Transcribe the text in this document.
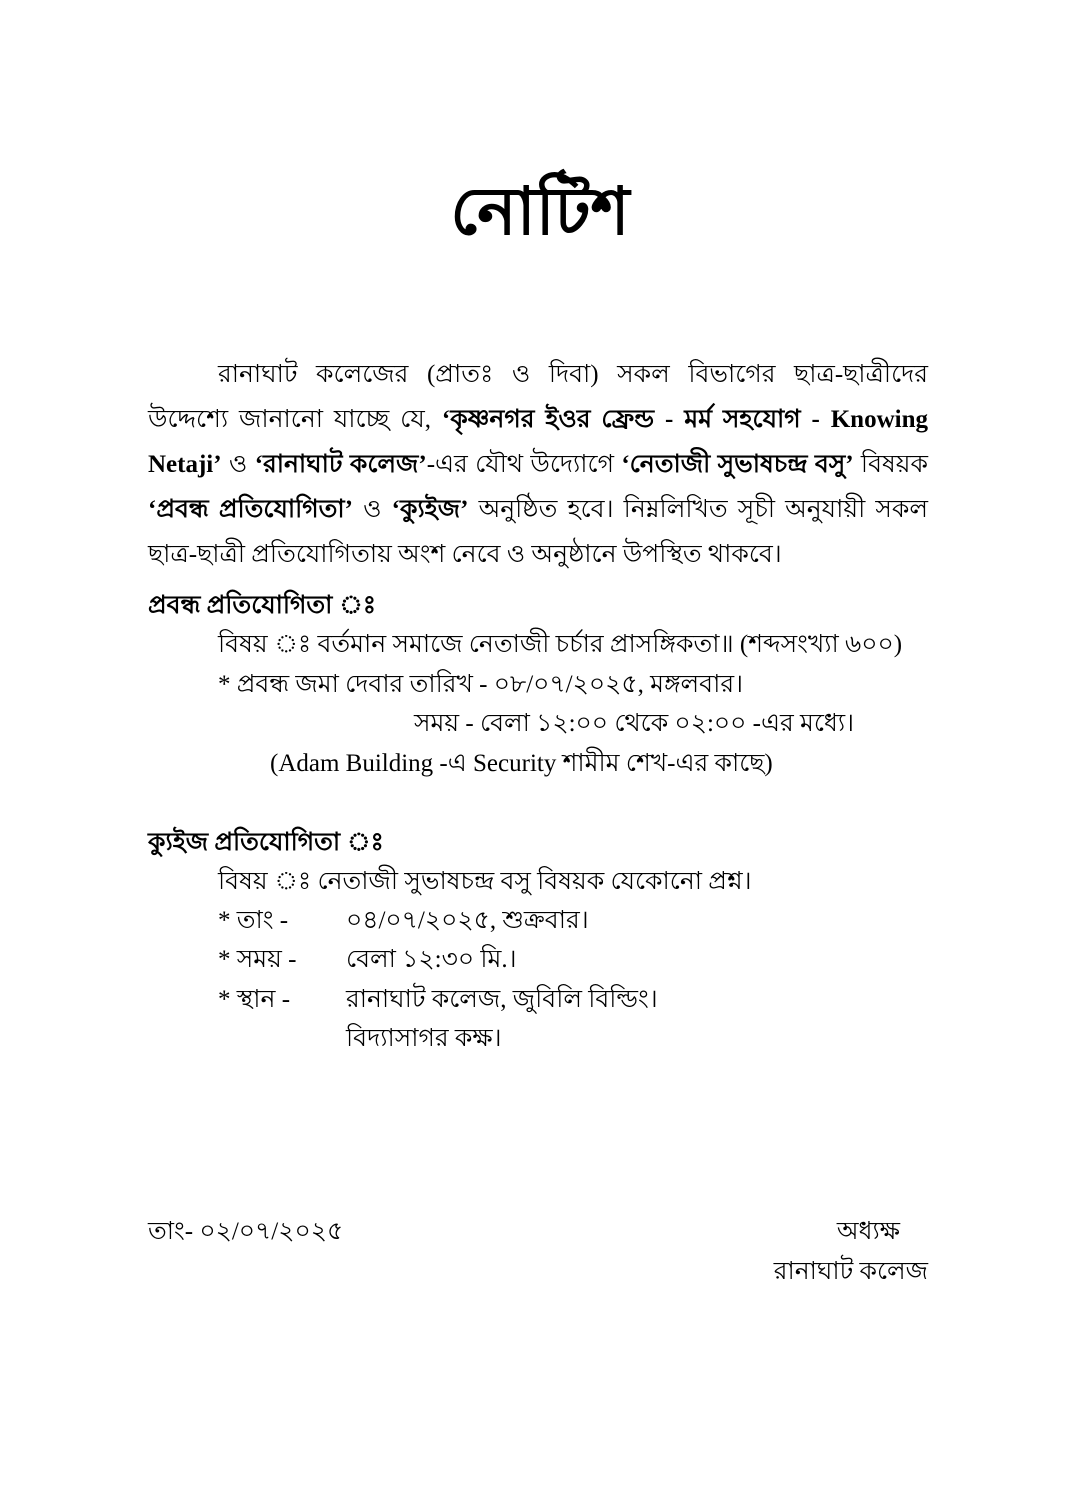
নোটিশ
রানাঘাট কলেজের (প্রাতঃ ও দিবা) সকল বিভাগের ছাত্র-ছাত্রীদের উদ্দেশ্যে জানানো যাচ্ছে যে, ‘কৃষ্ণনগর ইওর ফ্রেন্ড - মর্ম সহযোগ - Knowing Netaji’ ও ‘রানাঘাট কলেজ’-এর যৌথ উদ্যোগে ‘নেতাজী সুভাষচন্দ্র বসু’ বিষয়ক ‘প্রবন্ধ প্রতিযোগিতা’ ও ‘ক্যুইজ’ অনুষ্ঠিত হবে। নিম্নলিখিত সূচী অনুযায়ী সকল ছাত্র-ছাত্রী প্রতিযোগিতায় অংশ নেবে ও অনুষ্ঠানে উপস্থিত থাকবে।
প্রবন্ধ প্রতিযোগিতা ঃ
বিষয় ঃ বর্তমান সমাজে নেতাজী চর্চার প্রাসঙ্গিকতা॥ (শব্দসংখ্যা ৬০০)
* প্রবন্ধ জমা দেবার তারিখ - ০৮/০৭/২০২৫, মঙ্গলবার।
সময় - বেলা ১২:০০ থেকে ০২:০০ -এর মধ্যে।
(Adam Building -এ Security শামীম শেখ-এর কাছে)
ক্যুইজ প্রতিযোগিতা ঃ
বিষয় ঃ নেতাজী সুভাষচন্দ্র বসু বিষয়ক যেকোনো প্রশ্ন।
* তাং - ০৪/০৭/২০২৫, শুক্রবার।
* সময় - বেলা ১২:৩০ মি.।
* স্থান - রানাঘাট কলেজ, জুবিলি বিল্ডিং।
বিদ্যাসাগর কক্ষ।
তাং- ০২/০৭/২০২৫	অধ্যক্ষ
রানাঘাট কলেজ
